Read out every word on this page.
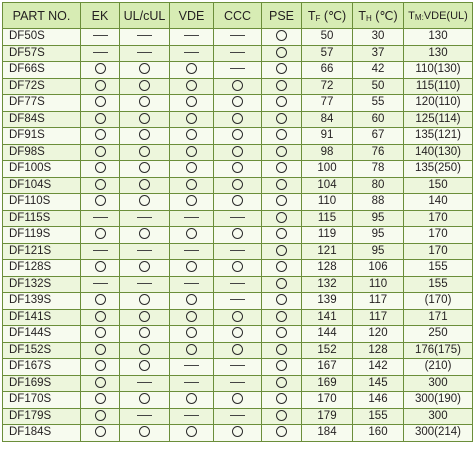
PART NO.	EK	UL/cUL	VDE	CCC	PSE	TF (℃)	TH (℃)	TM:VDE(UL)
DF50S						50	30	130
DF57S						57	37	130
DF66S						66	42	110(130)
DF72S						72	50	115(110)
DF77S						77	55	120(110)
DF84S						84	60	125(114)
DF91S						91	67	135(121)
DF98S						98	76	140(130)
DF100S						100	78	135(250)
DF104S						104	80	150
DF110S						110	88	140
DF115S						115	95	170
DF119S						119	95	170
DF121S						121	95	170
DF128S						128	106	155
DF132S						132	110	155
DF139S						139	117	(170)
DF141S						141	117	171
DF144S						144	120	250
DF152S						152	128	176(175)
DF167S						167	142	(210)
DF169S						169	145	300
DF170S						170	146	300(190)
DF179S						179	155	300
DF184S						184	160	300(214)
